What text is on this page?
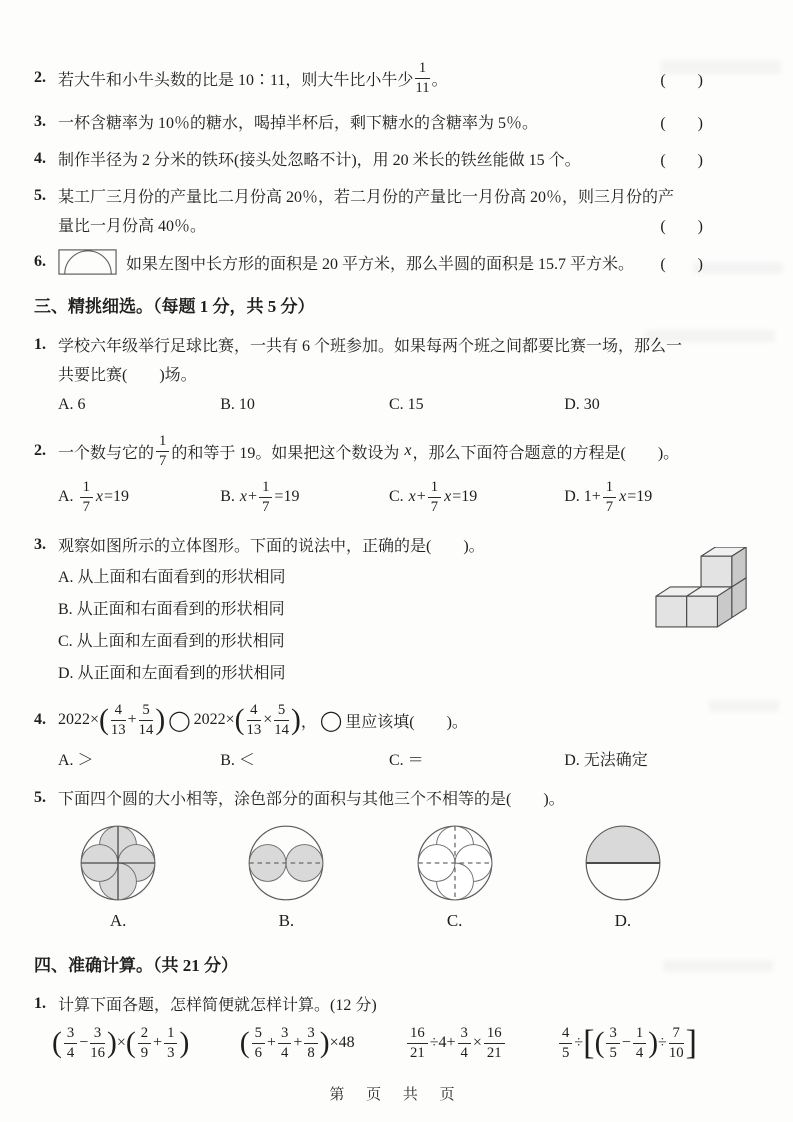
2. 若大牛和小牛头数的比是 10∶11，则大牛比小牛少 $\frac{1}{11}$ 。	(　　)
3. 一杯含糖率为 10％的糖水，喝掉半杯后，剩下糖水的含糖率为 5％。	(　　)
4. 制作半径为 2 分米的铁环(接头处忽略不计)，用 20 米长的铁丝能做 15 个。	(　　)
5. 某工厂三月份的产量比二月份高 20％，若二月份的产量比一月份高 20％，则三月份的产
量比一月份高 40％。	(　　)
6.	如果左图中长方形的面积是 20 平方米，那么半圆的面积是 15.7 平方米。 (　　)
三、精挑细选。（每题 1 分，共 5 分）
1. 学校六年级举行足球比赛，一共有 6 个班参加。如果每两个班之间都要比赛一场，那么一
共要比赛(　　)场。
A. 6	B. 10	C. 15	D. 30
2. 一个数与它的 $\frac{1}{7}$ 的和等于 19。如果把这个数设为 x ，那么下面符合题意的方程是(　　)。
A. $\frac{1}{7}$ x =19	B. $x + \frac{1}{7} =19$	C. $x + \frac{1}{7}$ x =19	D. $1+ \frac{1}{7}$ x =19
3. 观察如图所示的立体图形。下面的说法中，正确的是(　　)。
A. 从上面和右面看到的形状相同
B. 从正面和右面看到的形状相同
C. 从上面和左面看到的形状相同
D. 从正面和左面看到的形状相同
4. 2022× ( $\frac{4}{13} + \frac{5}{14}$ ) ◯ 2022× ( $\frac{4}{13} \times \frac{5}{14}$ ) ， ◯ 里应该填(　　)。
A. ＞	B. ＜	C. ＝	D. 无法确定
5. 下面四个圆的大小相等，涂色部分的面积与其他三个不相等的是(　　)。
A.	B.	C.	D.
四、准确计算。（共 21 分）
1. 计算下面各题，怎样简便就怎样计算。(12 分)
( $\frac{3}{4} - \frac{3}{16}$ ) × ( $\frac{2}{9} + \frac{1}{3}$ ) ( $\frac{5}{6} + \frac{3}{4} + \frac{3}{8}$ ) ×48	$\frac{16}{21} \div 4+ \frac{3}{4} \times \frac{16}{21}$	$\frac{4}{5}$ ÷ [ ( $\frac{3}{5} - \frac{1}{4}$ ) ÷ $\frac{7}{10}$ ]
第 页 共 页
